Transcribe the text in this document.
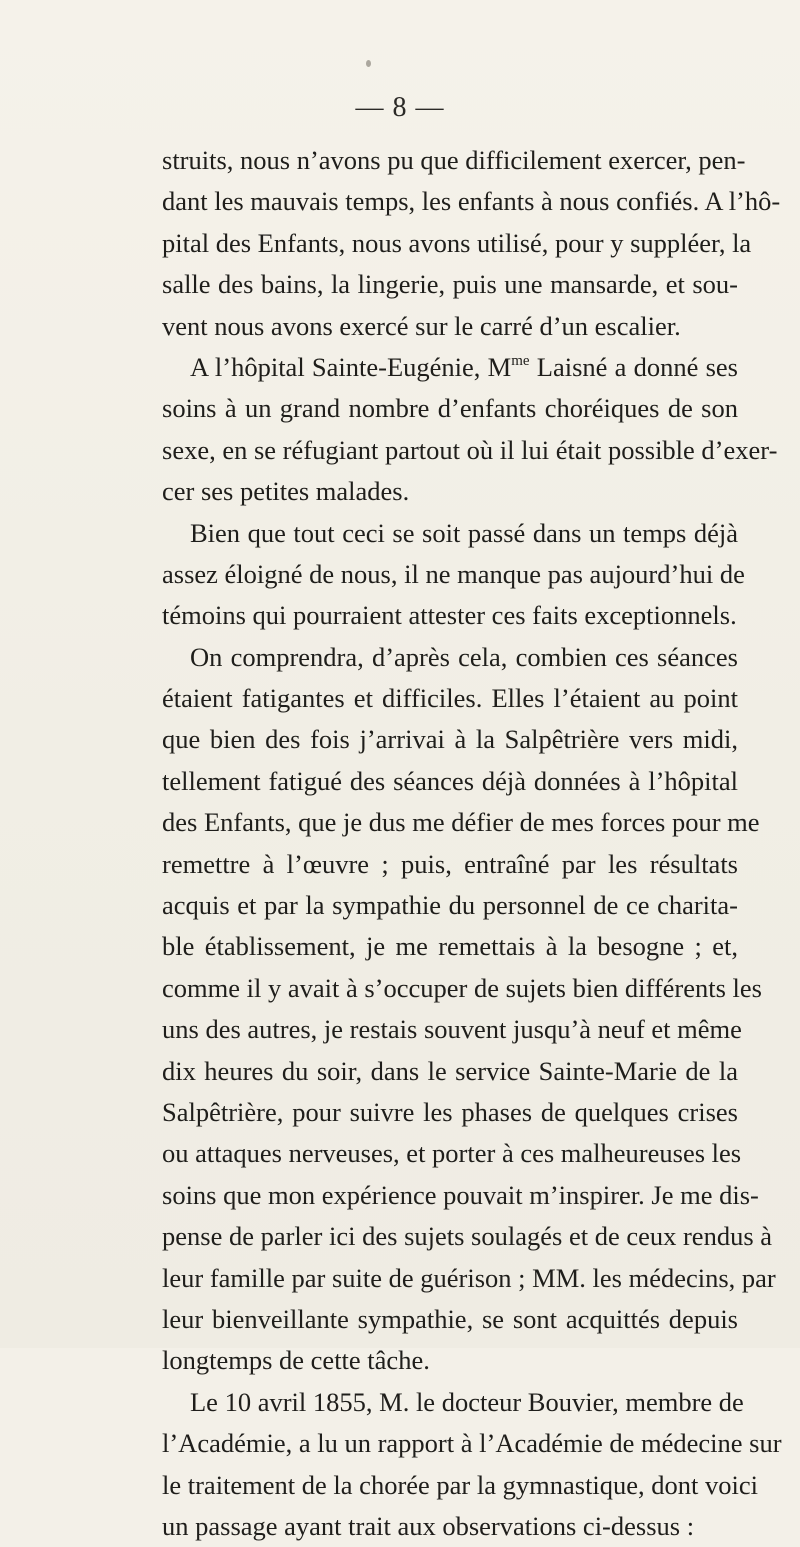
— 8 —
struits, nous n’avons pu que difficilement exercer, pen-
dant les mauvais temps, les enfants à nous confiés. A l’hô-
pital des Enfants, nous avons utilisé, pour y suppléer, la
salle des bains, la lingerie, puis une mansarde, et sou-
vent nous avons exercé sur le carré d’un escalier.
A l’hôpital Sainte-Eugénie, $M^{me}$ Laisné a donné ses
soins à un grand nombre d’enfants choréiques de son
sexe, en se réfugiant partout où il lui était possible d’exer-
cer ses petites malades.
Bien que tout ceci se soit passé dans un temps déjà
assez éloigné de nous, il ne manque pas aujourd’hui de
témoins qui pourraient attester ces faits exceptionnels.
On comprendra, d’après cela, combien ces séances
étaient fatigantes et difficiles. Elles l’étaient au point
que bien des fois j’arrivai à la Salpêtrière vers midi,
tellement fatigué des séances déjà données à l’hôpital
des Enfants, que je dus me défier de mes forces pour me
remettre à l’œuvre ; puis, entraîné par les résultats
acquis et par la sympathie du personnel de ce charita-
ble établissement, je me remettais à la besogne ; et,
comme il y avait à s’occuper de sujets bien différents les
uns des autres, je restais souvent jusqu’à neuf et même
dix heures du soir, dans le service Sainte-Marie de la
Salpêtrière, pour suivre les phases de quelques crises
ou attaques nerveuses, et porter à ces malheureuses les
soins que mon expérience pouvait m’inspirer. Je me dis-
pense de parler ici des sujets soulagés et de ceux rendus à
leur famille par suite de guérison ; MM. les médecins, par
leur bienveillante sympathie, se sont acquittés depuis
longtemps de cette tâche.
Le 10 avril 1855, M. le docteur Bouvier, membre de
l’Académie, a lu un rapport à l’Académie de médecine sur
le traitement de la chorée par la gymnastique, dont voici
un passage ayant trait aux observations ci-dessus :
